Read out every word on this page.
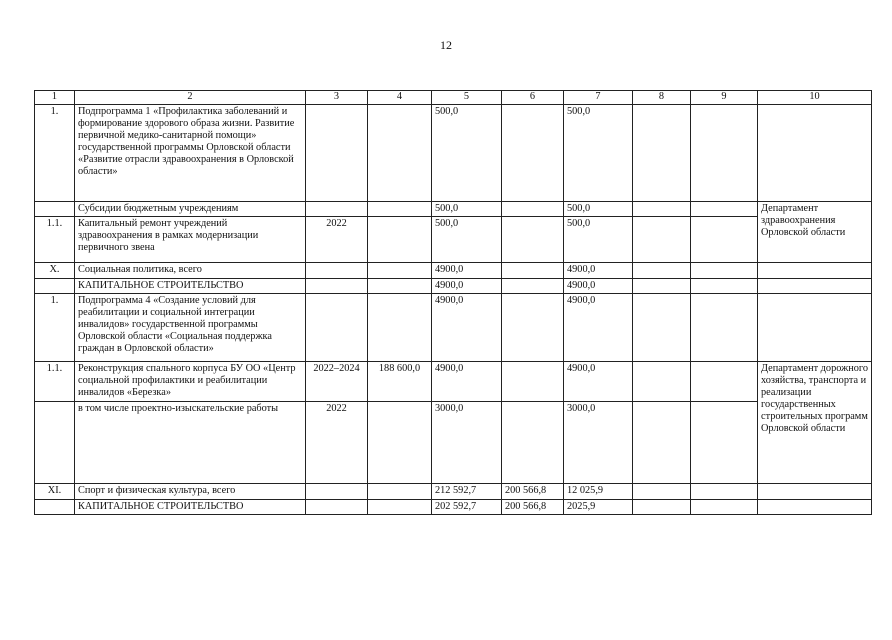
12
1	2	3	4	5	6	7	8	9	10
1.	Подпрограмма 1 «Профилактика заболеваний и формирование здорового образа жизни. Развитие первичной медико-санитарной помощи» государственной программы Орловской области «Развитие отрасли здравоохранения в Орловской области»			500,0		500,0			
	Субсидии бюджетным учреждениям			500,0		500,0			Департамент здравоохранения Орловской области
1.1.	Капитальный ремонт учреждений здравоохранения в рамках модернизации первичного звена	2022		500,0		500,0			
X.	Социальная политика, всего			4900,0		4900,0			
	КАПИТАЛЬНОЕ СТРОИТЕЛЬСТВО			4900,0		4900,0			
1.	Подпрограмма 4 «Создание условий для реабилитации и социальной интеграции инвалидов» государственной программы Орловской области «Социальная поддержка граждан в Орловской области»			4900,0		4900,0			
1.1.	Реконструкция спального корпуса БУ ОО «Центр социальной профилактики и реабилитации инвалидов «Березка»	2022–2024	188 600,0	4900,0		4900,0			Департамент дорожного хозяйства, транспорта и реализации государственных строительных программ Орловской области
	в том числе проектно-изыскательские работы	2022		3000,0		3000,0			
XI.	Спорт и физическая культура, всего			212 592,7	200 566,8	12 025,9			
	КАПИТАЛЬНОЕ СТРОИТЕЛЬСТВО			202 592,7	200 566,8	2025,9			
